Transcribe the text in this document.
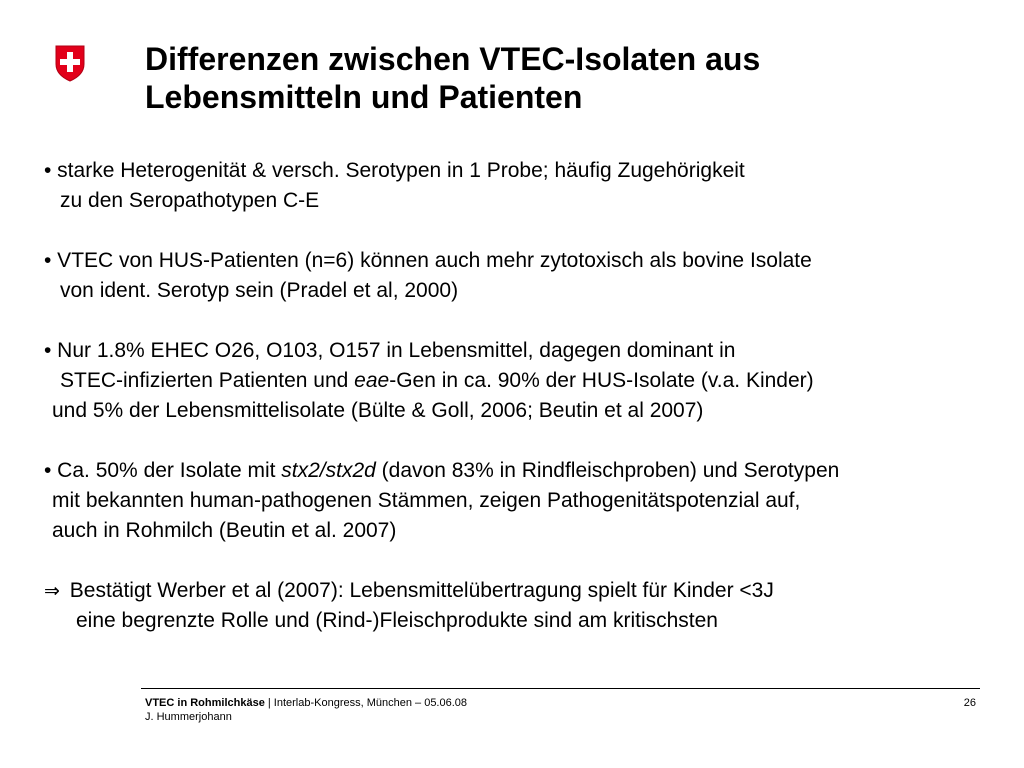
Differenzen zwischen VTEC-Isolaten aus
Lebensmitteln und Patienten
• starke Heterogenität & versch. Serotypen in 1 Probe; häufig Zugehörigkeit
zu den Seropathotypen C-E
• VTEC von HUS-Patienten (n=6) können auch mehr zytotoxisch als bovine Isolate
von ident. Serotyp sein (Pradel et al, 2000)
• Nur 1.8% EHEC O26, O103, O157 in Lebensmittel, dagegen dominant in
STEC-infizierten Patienten und eae-Gen in ca. 90% der HUS-Isolate (v.a. Kinder)
und 5% der Lebensmittelisolate (Bülte & Goll, 2006; Beutin et al 2007)
• Ca. 50% der Isolate mit stx2/stx2d (davon 83% in Rindfleischproben) und Serotypen
mit bekannten human-pathogenen Stämmen, zeigen Pathogenitätspotenzial auf,
auch in Rohmilch (Beutin et al. 2007)
⇒ Bestätigt Werber et al (2007): Lebensmittelübertragung spielt für Kinder <3J
eine begrenzte Rolle und (Rind-)Fleischprodukte sind am kritischsten
VTEC in Rohmilchkäse | Interlab-Kongress, München – 05.06.08
J. Hummerjohann
26
